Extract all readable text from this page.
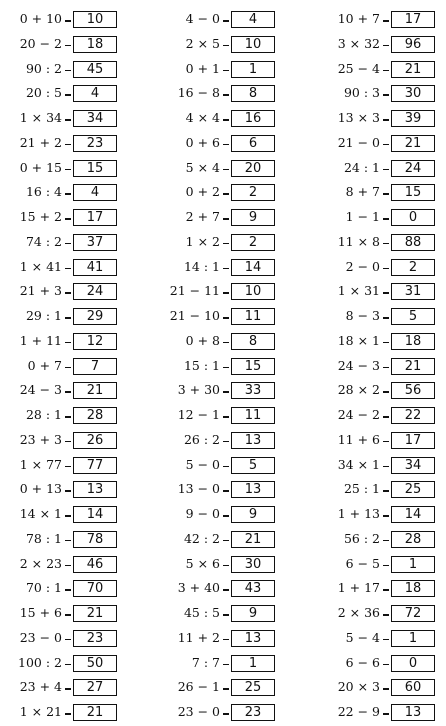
0 + 10	10
20 − 2	18
90 : 2	45
20 : 5	4
1 × 34	34
21 + 2	23
0 + 15	15
16 : 4	4
15 + 2	17
74 : 2	37
1 × 41	41
21 + 3	24
29 : 1	29
1 + 11	12
0 + 7	7
24 − 3	21
28 : 1	28
23 + 3	26
1 × 77	77
0 + 13	13
14 × 1	14
78 : 1	78
2 × 23	46
70 : 1	70
15 + 6	21
23 − 0	23
100 : 2	50
23 + 4	27
1 × 21	21
4 − 0	4
2 × 5	10
0 + 1	1
16 − 8	8
4 × 4	16
0 + 6	6
5 × 4	20
0 + 2	2
2 + 7	9
1 × 2	2
14 : 1	14
21 − 11	10
21 − 10	11
0 + 8	8
15 : 1	15
3 + 30	33
12 − 1	11
26 : 2	13
5 − 0	5
13 − 0	13
9 − 0	9
42 : 2	21
5 × 6	30
3 + 40	43
45 : 5	9
11 + 2	13
7 : 7	1
26 − 1	25
23 − 0	23
10 + 7	17
3 × 32	96
25 − 4	21
90 : 3	30
13 × 3	39
21 − 0	21
24 : 1	24
8 + 7	15
1 − 1	0
11 × 8	88
2 − 0	2
1 × 31	31
8 − 3	5
18 × 1	18
24 − 3	21
28 × 2	56
24 − 2	22
11 + 6	17
34 × 1	34
25 : 1	25
1 + 13	14
56 : 2	28
6 − 5	1
1 + 17	18
2 × 36	72
5 − 4	1
6 − 6	0
20 × 3	60
22 − 9	13
